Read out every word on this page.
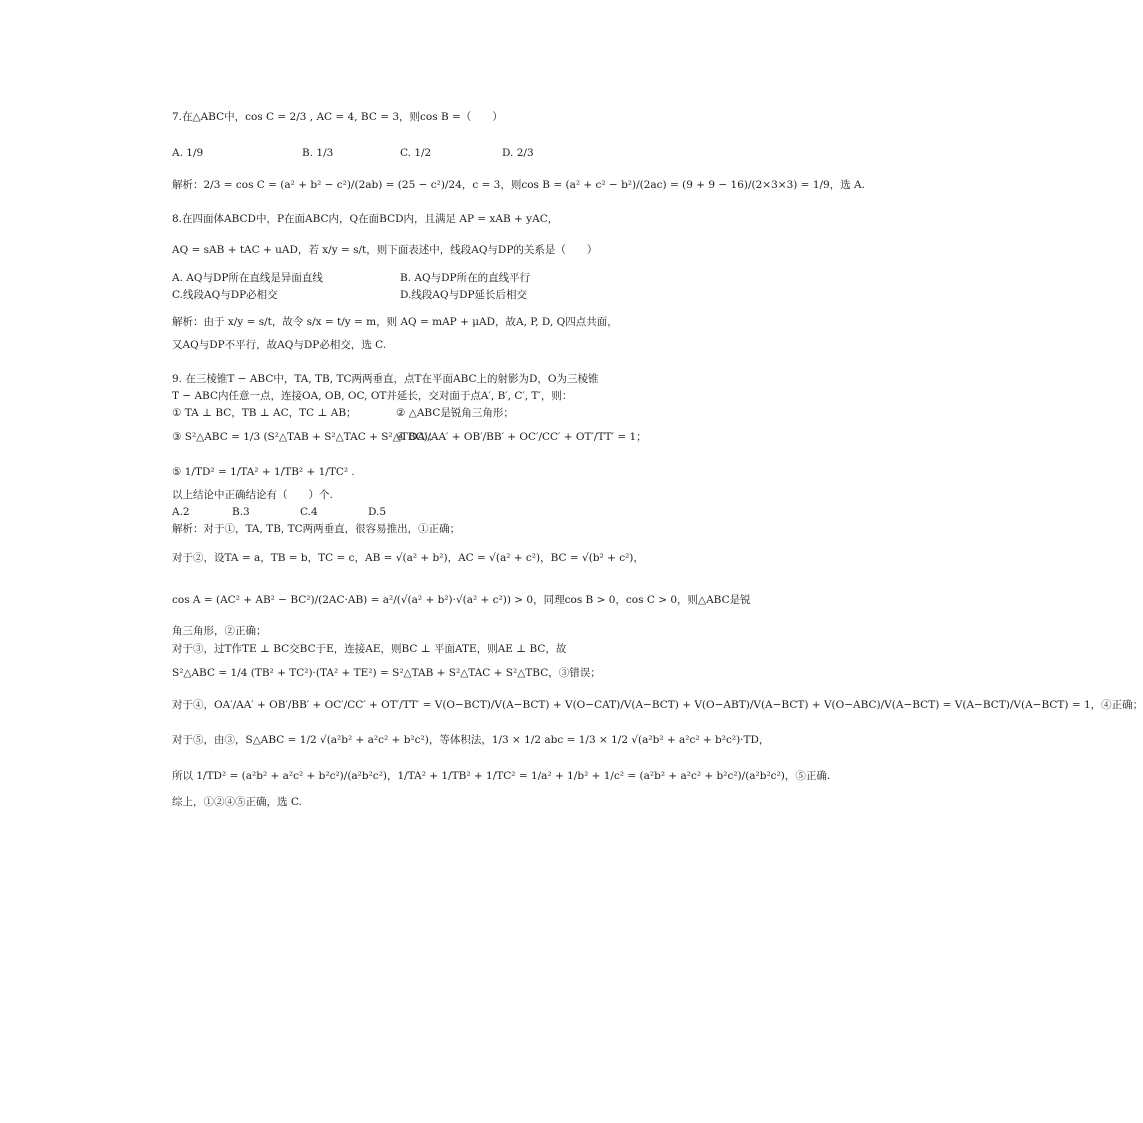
7.在△ABC中，cos C = 2/3 , AC = 4, BC = 3，则cos B =（　　）
A. 1/9	B. 1/3	C. 1/2	D. 2/3
解析：2/3 = cos C = (a² + b² − c²)/(2ab) = (25 − c²)/24，c = 3，则cos B = (a² + c² − b²)/(2ac) = (9 + 9 − 16)/(2×3×3) = 1/9，选 A.
8.在四面体ABCD中，P在面ABC内，Q在面BCD内，且满足 AP = xAB + yAC，
AQ = sAB + tAC + uAD，若 x/y = s/t，则下面表述中，线段AQ与DP的关系是（　　）
A. AQ与DP所在直线是异面直线	B. AQ与DP所在的直线平行
C.线段AQ与DP必相交	D.线段AQ与DP延长后相交
解析：由于 x/y = s/t，故令 s/x = t/y = m，则 AQ = mAP + μAD，故A, P, D, Q四点共面，
又AQ与DP不平行，故AQ与DP必相交，选 C.
9. 在三棱锥T − ABC中，TA, TB, TC两两垂直，点T在平面ABC上的射影为D，O为三棱锥
T − ABC内任意一点，连接OA, OB, OC, OT并延长，交对面于点A′, B′, C′, T′，则：
① TA ⊥ BC，TB ⊥ AC，TC ⊥ AB；	② △ABC是锐角三角形；
③ S²△ABC = 1/3 (S²△TAB + S²△TAC + S²△TBC)；
④ OA′/AA′ + OB′/BB′ + OC′/CC′ + OT′/TT′ = 1；
⑤ 1/TD² = 1/TA² + 1/TB² + 1/TC² .
以上结论中正确结论有（　　）个.
A.2	B.3	C.4	D.5
解析：对于①，TA, TB, TC两两垂直，很容易推出，①正确；
对于②，设TA = a，TB = b，TC = c，AB = √(a² + b²)，AC = √(a² + c²)，BC = √(b² + c²)，
cos A = (AC² + AB² − BC²)/(2AC·AB) = a²/(√(a² + b²)·√(a² + c²)) > 0，同理cos B > 0，cos C > 0，则△ABC是锐
角三角形，②正确；
对于③，过T作TE ⊥ BC交BC于E，连接AE，则BC ⊥ 平面ATE，则AE ⊥ BC，故
S²△ABC = 1/4 (TB² + TC²)·(TA² + TE²) = S²△TAB + S²△TAC + S²△TBC，③错误；
对于④，OA′/AA′ + OB′/BB′ + OC′/CC′ + OT′/TT′ = V(O−BCT)/V(A−BCT) + V(O−CAT)/V(A−BCT) + V(O−ABT)/V(A−BCT) + V(O−ABC)/V(A−BCT) = V(A−BCT)/V(A−BCT) = 1，④正确；
对于⑤，由③，S△ABC = 1/2 √(a²b² + a²c² + b²c²)，等体积法，1/3 × 1/2 abc = 1/3 × 1/2 √(a²b² + a²c² + b²c²)·TD，
所以 1/TD² = (a²b² + a²c² + b²c²)/(a²b²c²)，1/TA² + 1/TB² + 1/TC² = 1/a² + 1/b² + 1/c² = (a²b² + a²c² + b²c²)/(a²b²c²)，⑤正确.
综上，①②④⑤正确，选 C.
